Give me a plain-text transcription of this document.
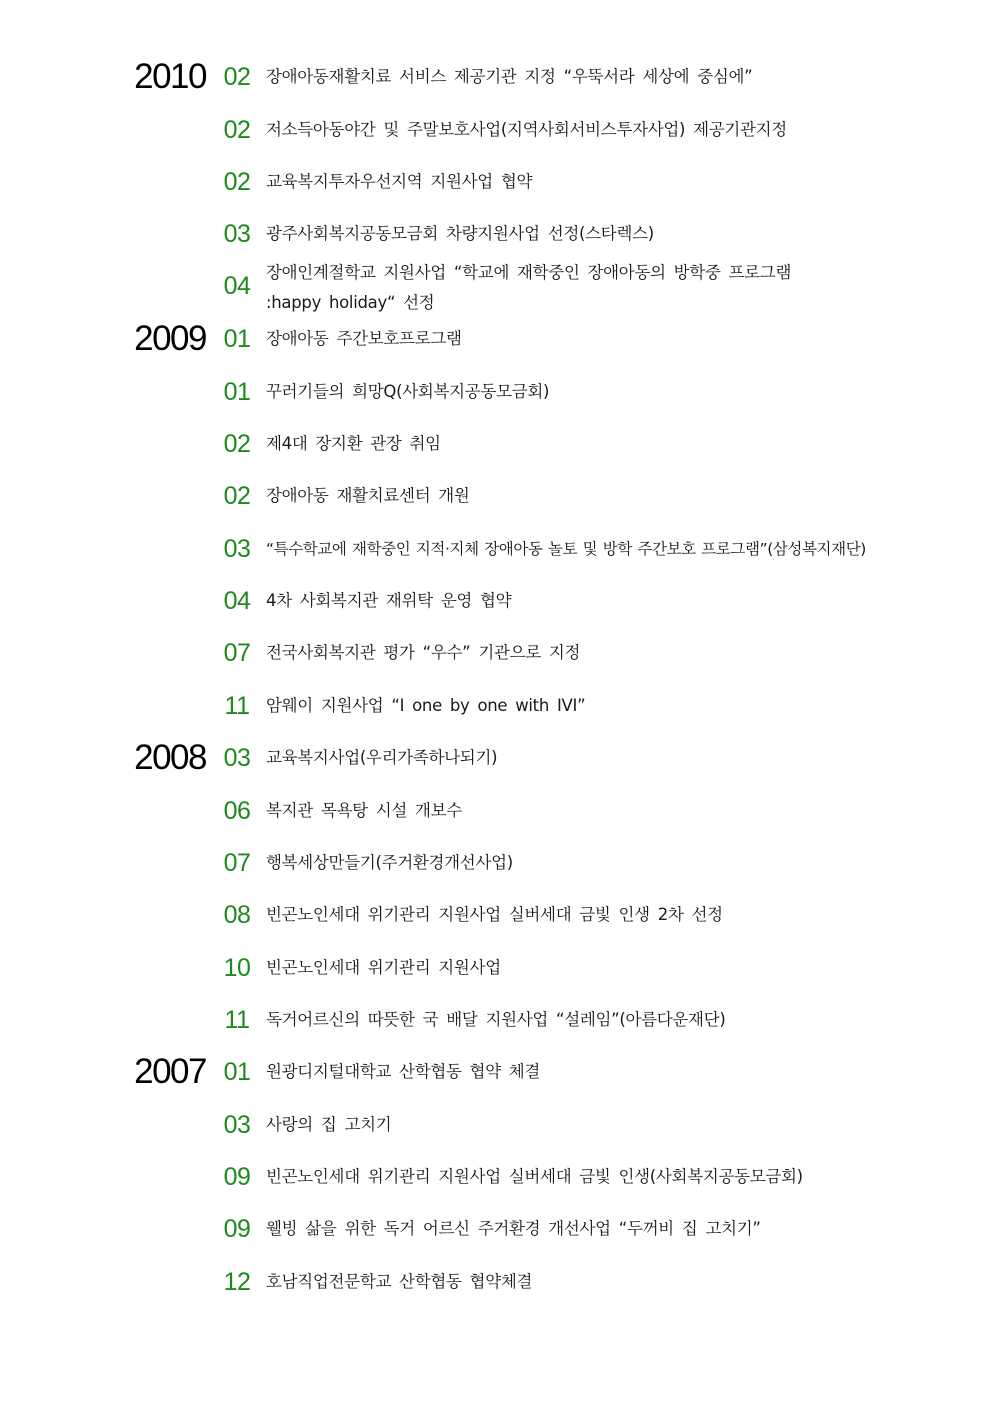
2010 02 장애아동재활치료 서비스 제공기관 지정 “우뚝서라 세상에 중심에”
02 저소득아동야간 및 주말보호사업(지역사회서비스투자사업) 제공기관지정
02 교육복지투자우선지역 지원사업 협약
03 광주사회복지공동모금회 차량지원사업 선정(스타렉스)
04 장애인계절학교 지원사업 “학교에 재학중인 장애아동의 방학중 프로그램
:happy holiday“ 선정
2009 01 장애아동 주간보호프로그램
01 꾸러기들의 희망Q(사회복지공동모금회)
02 제4대 장지환 관장 취임
02 장애아동 재활치료센터 개원
03 “특수학교에 재학중인 지적·지체 장애아동 놀토 및 방학 주간보호 프로그램”(삼성복지재단)
04 4차 사회복지관 재위탁 운영 협약
07 전국사회복지관 평가 “우수” 기관으로 지정
11 암웨이 지원사업 “I one by one with IVI”
2008 03 교육복지사업(우리가족하나되기)
06 복지관 목욕탕 시설 개보수
07 행복세상만들기(주거환경개선사업)
08 빈곤노인세대 위기관리 지원사업 실버세대 금빛 인생 2차 선정
10 빈곤노인세대 위기관리 지원사업
11 독거어르신의 따뜻한 국 배달 지원사업 “설레임”(아름다운재단)
2007 01 원광디지털대학교 산학협동 협약 체결
03 사랑의 집 고치기
09 빈곤노인세대 위기관리 지원사업 실버세대 금빛 인생(사회복지공동모금회)
09 웰빙 삶을 위한 독거 어르신 주거환경 개선사업 “두꺼비 집 고치기”
12 호남직업전문학교 산학협동 협약체결
